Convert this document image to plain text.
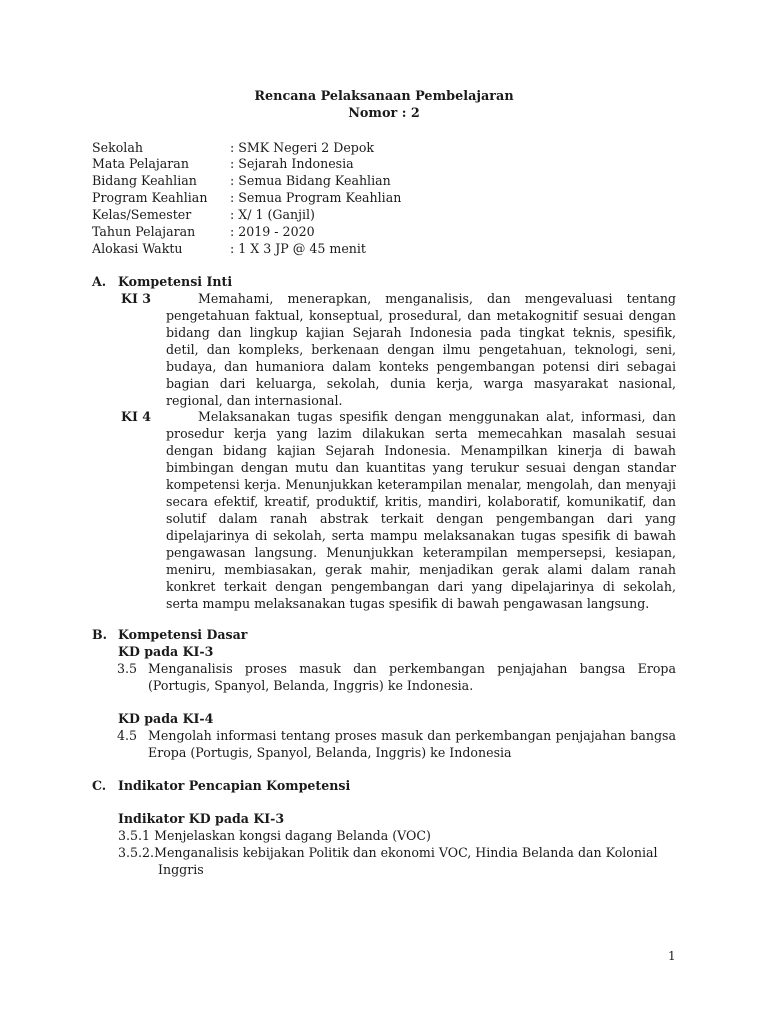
Rencana Pelaksanaan Pembelajaran
Nomor : 2
Sekolah	: SMK Negeri 2 Depok
Mata Pelajaran	: Sejarah Indonesia
Bidang Keahlian	: Semua Bidang Keahlian
Program Keahlian : Semua Program Keahlian
Kelas/Semester	: X/ 1 (Ganjil)
Tahun Pelajaran	: 2019 - 2020
Alokasi Waktu	: 1 X 3 JP @ 45 menit
A. Kompetensi Inti
KI 3	Memahami, menerapkan, menganalisis, dan mengevaluasi tentang pengetahuan faktual, konseptual, prosedural, dan metakognitif sesuai dengan bidang dan lingkup kajian Sejarah Indonesia pada tingkat teknis, spesifik, detil, dan kompleks, berkenaan dengan ilmu pengetahuan, teknologi, seni, budaya, dan humaniora dalam konteks pengembangan potensi diri sebagai bagian dari keluarga, sekolah, dunia kerja, warga masyarakat nasional, regional, dan internasional.
KI 4	Melaksanakan tugas spesifik dengan menggunakan alat, informasi, dan prosedur kerja yang lazim dilakukan serta memecahkan masalah sesuai dengan bidang kajian Sejarah Indonesia. Menampilkan kinerja di bawah bimbingan dengan mutu dan kuantitas yang terukur sesuai dengan standar kompetensi kerja. Menunjukkan keterampilan menalar, mengolah, dan menyaji secara efektif, kreatif, produktif, kritis, mandiri, kolaboratif, komunikatif, dan solutif dalam ranah abstrak terkait dengan pengembangan dari yang dipelajarinya di sekolah, serta mampu melaksanakan tugas spesifik di bawah pengawasan langsung. Menunjukkan keterampilan mempersepsi, kesiapan, meniru, membiasakan, gerak mahir, menjadikan gerak alami dalam ranah konkret terkait dengan pengembangan dari yang dipelajarinya di sekolah, serta mampu melaksanakan tugas spesifik di bawah pengawasan langsung.
B. Kompetensi Dasar
KD pada KI-3
3.5 Menganalisis proses masuk dan perkembangan penjajahan bangsa Eropa (Portugis, Spanyol, Belanda, Inggris) ke Indonesia.
KD pada KI-4
4.5 Mengolah informasi tentang proses masuk dan perkembangan penjajahan bangsa Eropa (Portugis, Spanyol, Belanda, Inggris) ke Indonesia
C. Indikator Pencapian Kompetensi
Indikator KD pada KI-3
3.5.1 Menjelaskan kongsi dagang Belanda (VOC)
3.5.2.Menganalisis kebijakan Politik dan ekonomi VOC, Hindia Belanda dan Kolonial
Inggris
1
